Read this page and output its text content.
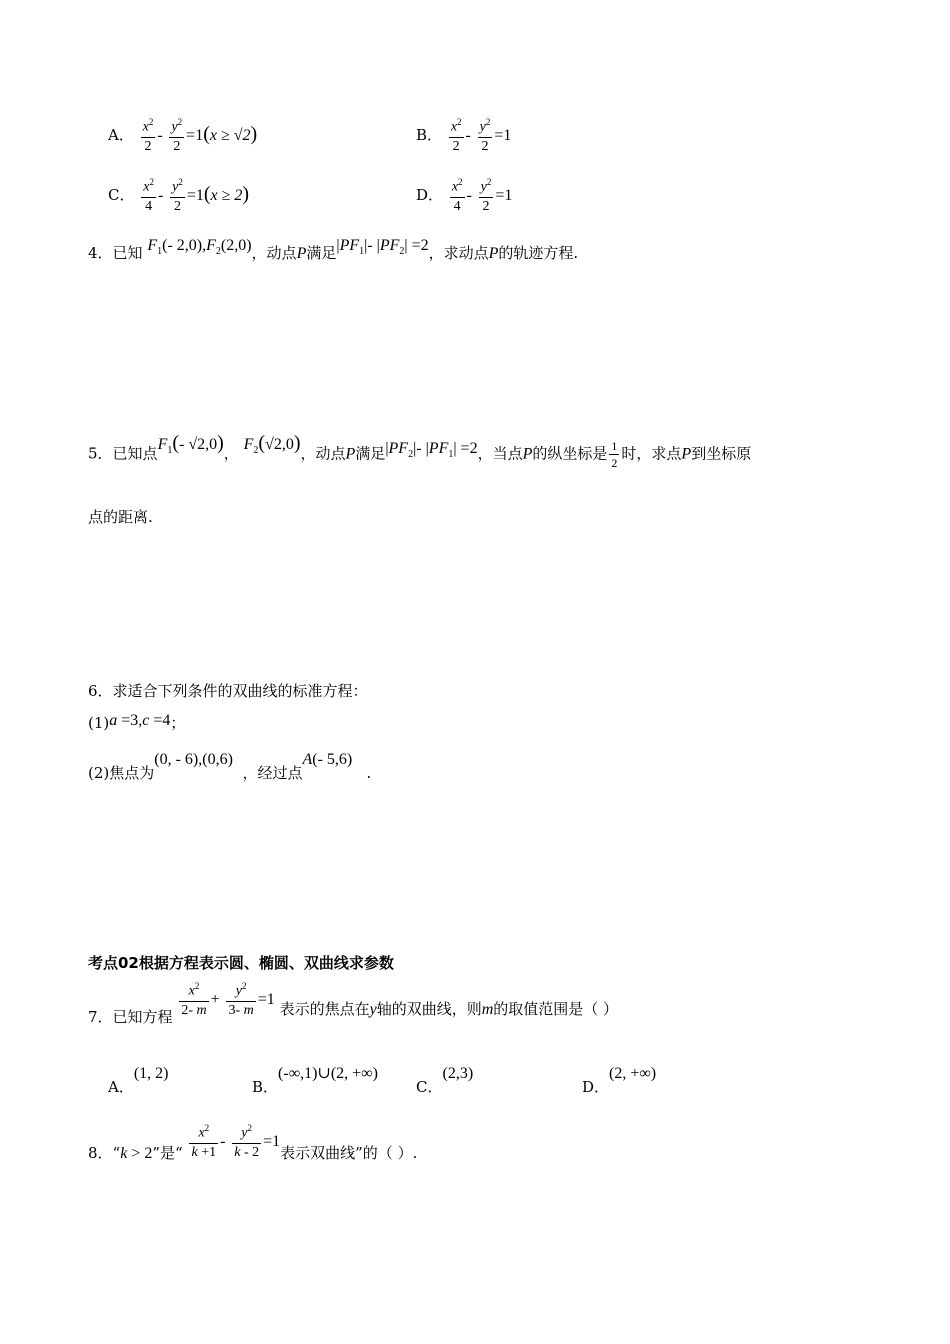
A． $\frac{x^2}{2} - \frac{y^2}{2} =1(x \ge √2)$	B． $\frac{x^2}{2} - \frac{y^2}{2} =1$
C． $\frac{x^2}{4} - \frac{y^2}{2} =1(x \ge 2)$	D． $\frac{x^2}{4} - \frac{y^2}{2} =1$
4．已知 $F_1(-$ $2,0),F_2(2,0)$，动点P满足$|PF_1|-$ $|PF_2| =2$，求动点P的轨迹方程.
5．已知点$F_1(-$ √2,0)， $F_2(√2,0)$，动点P满足$|PF_2|-$ $|PF_1| =2$，当点P的纵坐标是 $\frac{1}{2}$ 时，求点P到坐标原
点的距离.
6．求适合下列条件的双曲线的标准方程：
(1)a =3,c =4；
(2)焦点为(0, - 6),(0,6)  ，经过点A(- 5,6)   .
考点02根据方程表示圆、椭圆、双曲线求参数
7．已知方程 $\frac{x^2}{2- m} + \frac{y^2}{3- m} =1$ 表示的焦点在y轴的双曲线，则m的取值范围是（ ）
A．(1, 2)
B．(-∞,1)∪(2, +∞)
C．(2,3)
D．(2, +∞)
8．“k > 2”是“ $\frac{x^2}{k +1} - \frac{y^2}{k - 2} =1$表示双曲线”的（ ）.
